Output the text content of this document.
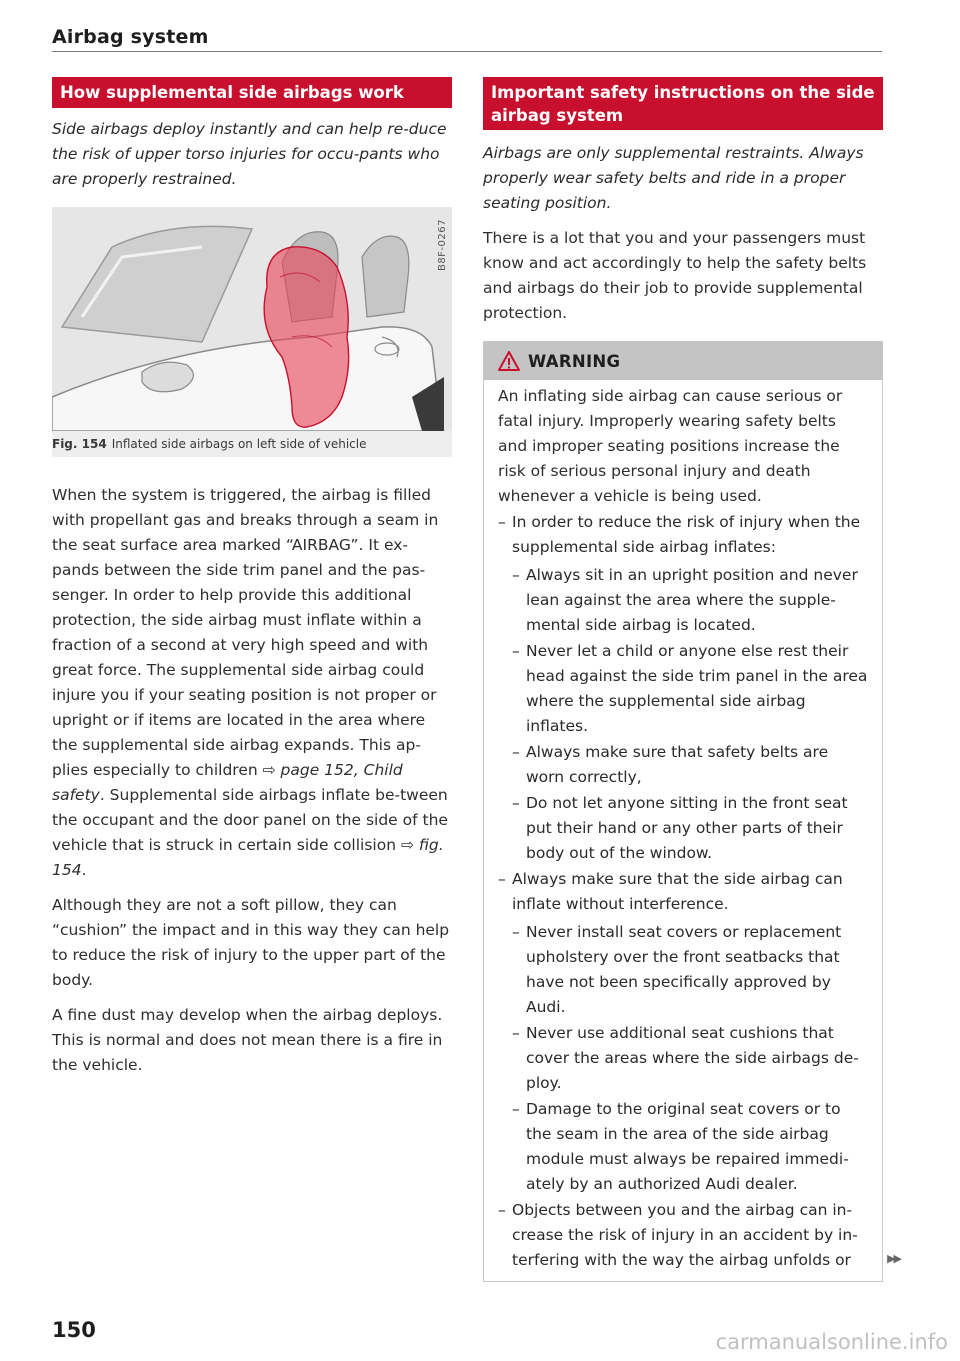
Airbag system
How supplemental side airbags work
Side airbags deploy instantly and can help re-duce the risk of upper torso injuries for occu-pants who are properly restrained.
B8F-0267
Fig. 154 Inflated side airbags on left side of vehicle

When the system is triggered, the airbag is filled with propellant gas and breaks through a seam in the seat surface area marked “AIRBAG”. It ex-pands between the side trim panel and the pas-senger. In order to help provide this additional protection, the side airbag must inflate within a fraction of a second at very high speed and with great force. The supplemental side airbag could injure you if your seating position is not proper or upright or if items are located in the area where the supplemental side airbag expands. This ap-plies especially to children ⇨ page 152, Child safety. Supplemental side airbags inflate be-tween the occupant and the door panel on the side of the vehicle that is struck in certain side collision ⇨ fig. 154.

Although they are not a soft pillow, they can “cushion” the impact and in this way they can help to reduce the risk of injury to the upper part of the body.

A fine dust may develop when the airbag deploys. This is normal and does not mean there is a fire in the vehicle.

Important safety instructions on the side airbag system
Airbags are only supplemental restraints. Always properly wear safety belts and ride in a proper seating position.

There is a lot that you and your passengers must know and act accordingly to help the safety belts and airbags do their job to provide supplemental protection.

WARNING

An inflating side airbag can cause serious or fatal injury. Improperly wearing safety belts and improper seating positions increase the risk of serious personal injury and death whenever a vehicle is being used.

– In order to reduce the risk of injury when the supplemental side airbag inflates:
– Always sit in an upright position and never lean against the area where the supple-mental side airbag is located.
– Never let a child or anyone else rest their head against the side trim panel in the area where the supplemental side airbag inflates.
– Always make sure that safety belts are worn correctly,
– Do not let anyone sitting in the front seat put their hand or any other parts of their body out of the window.
– Always make sure that the side airbag can inflate without interference.
– Never install seat covers or replacement upholstery over the front seatbacks that have not been specifically approved by Audi.
– Never use additional seat cushions that cover the areas where the side airbags de-ploy.
– Damage to the original seat covers or to the seam in the area of the side airbag module must always be repaired immedi-ately by an authorized Audi dealer.
– Objects between you and the airbag can in-crease the risk of injury in an accident by in-terfering with the way the airbag unfolds or	▶▶
150	carmanualsonline.info
